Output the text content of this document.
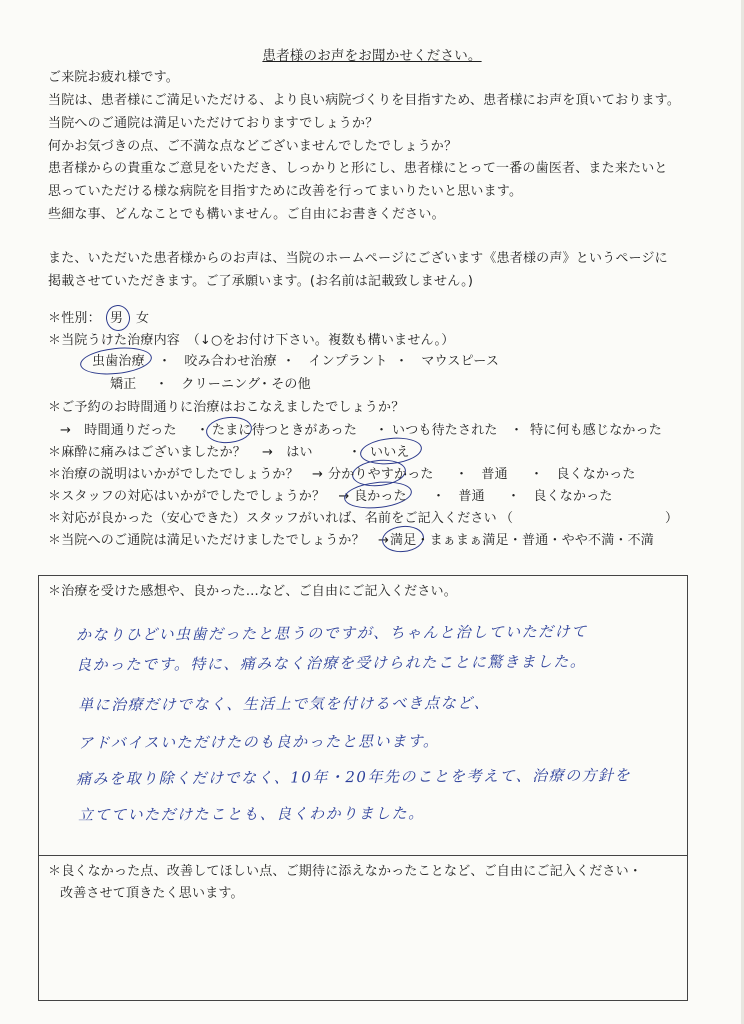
患者様のお声をお聞かせください。
ご来院お疲れ様です。
当院は、患者様にご満足いただける、より良い病院づくりを目指すため、患者様にお声を頂いております。
当院へのご通院は満足いただけておりますでしょうか？
何かお気づきの点、ご不満な点などございませんでしたでしょうか？
患者様からの貴重なご意見をいただき、しっかりと形にし、患者様にとって一番の歯医者、また来たいと
思っていただける様な病院を目指すために改善を行ってまいりたいと思います。
些細な事、どんなことでも構いません。ご自由にお書きください。
また、いただいた患者様からのお声は、当院のホームページにございます《患者様の声》というページに
掲載させていただきます。ご了承願います。(お名前は記載致しません。)
＊性別： 男 女
＊当院うけた治療内容　（↓○をお付け下さい。複数も構いません。）
虫歯治療 ・　咬み合わせ治療 ・　インプラント ・　マウスピース
矯正 ・　クリーニング
・その他
＊ご予約のお時間通りに治療はおこなえましたでしょうか？
→　時間通りだった ・ たまに待つときがあった ・ いつも待たされた ・ 特に何も感じなかった
＊麻酔に痛みはございましたか？ →　はい	・ いいえ
＊治療の説明はいかがでしたでしょうか？　→ 分かりやすかった ・　普通 ・　良くなかった
＊スタッフの対応はいかがでしたでしょうか？　→ 良かった ・　普通 ・　良くなかった
＊対応が良かった（安心できた）スタッフがいれば、名前をご記入ください （	）
＊当院へのご通院は満足いただけましたでしょうか？　→ 満足・まぁまぁ満足・普通・やや不満・不満
＊治療を受けた感想や、良かった…など、ご自由にご記入ください。
かなりひどい虫歯だったと思うのですが、ちゃんと治していただけて
良かったです。特に、痛みなく治療を受けられたことに驚きました。
単に治療だけでなく、生活上で気を付けるべき点など、
アドバイスいただけたのも良かったと思います。
痛みを取り除くだけでなく、10年・20年先のことを考えて、治療の方針を
立てていただけたことも、良くわかりました。
＊良くなかった点、改善してほしい点、ご期待に添えなかったことなど、ご自由にご記入ください・
改善させて頂きたく思います。
